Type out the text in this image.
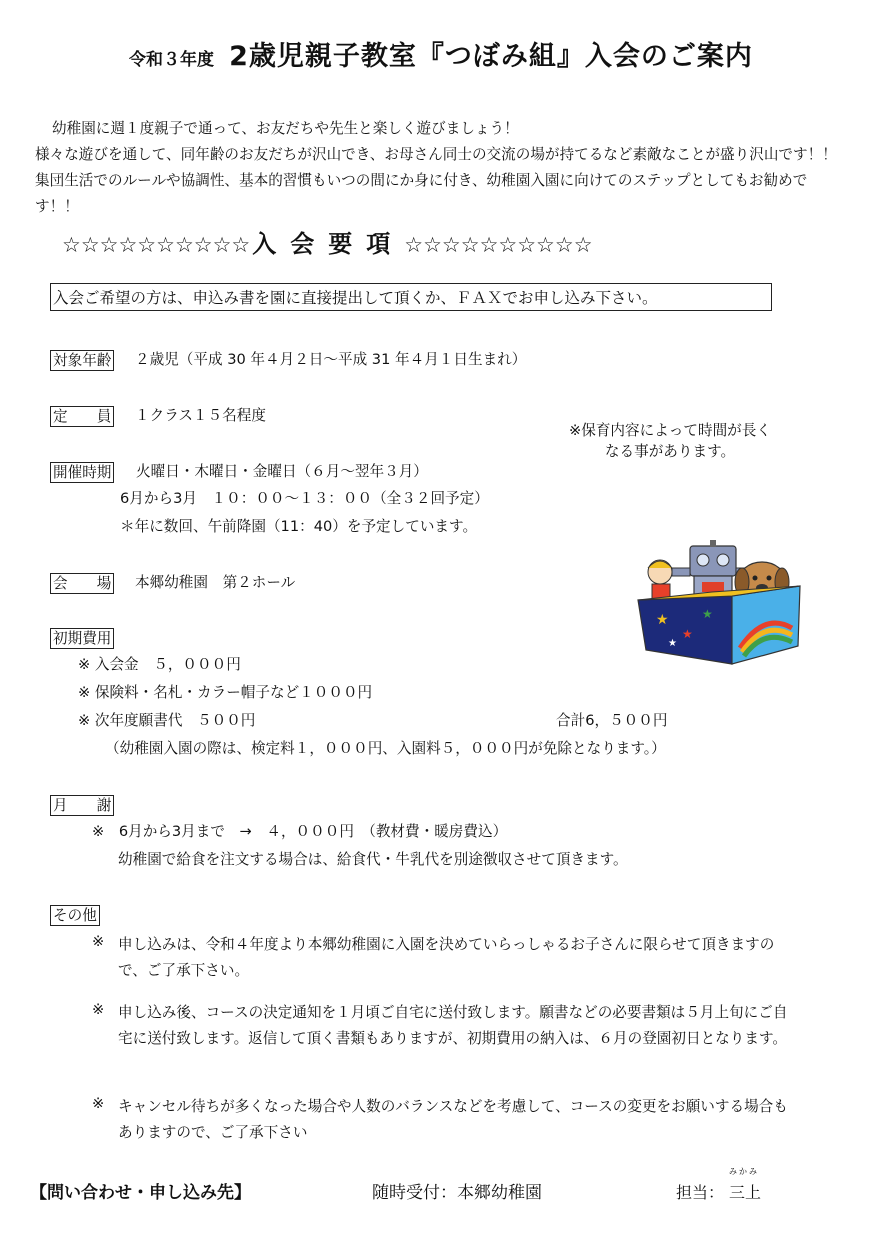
令和３年度 2歳児親子教室『つぼみ組』入会のご案内

幼稚園に週１度親子で通って、お友だちや先生と楽しく遊びましょう！

様々な遊びを通して、同年齢のお友だちが沢山でき、お母さん同士の交流の場が持てるなど素敵なことが盛り沢山です！！集団生活でのルールや協調性、基本的習慣もいつの間にか身に付き、幼稚園入園に向けてのステップとしてもお勧めです！！

☆☆☆☆☆☆☆☆☆☆入会要項☆☆☆☆☆☆☆☆☆☆
入会ご希望の方は、申込み書を園に直接提出して頂くか、ＦＡＸでお申し込み下さい。
対象年齢 ２歳児（平成 30 年４月２日～平成 31 年４月１日生まれ）
定　　員 １クラス１５名程度
※保育内容によって時間が長くなる事があります。
開催時期 火曜日・木曜日・金曜日（６月～翌年３月）
6月から3月　１０：００～１３：００（全３２回予定）
＊年に数回、午前降園（11：40）を予定しています。
会　　場 本郷幼稚園　第２ホール
★
★
★
★
初期費用
※ 入会金　５，０００円
※ 保険料・名札・カラー帽子など１０００円
※ 次年度願書代　５００円	合計6，５００円
（幼稚園入園の際は、検定料１，０００円、入園料５，０００円が免除となります。）
月　　謝
※　6月から3月まで　→　４，０００円　（教材費・暖房費込）
幼稚園で給食を注文する場合は、給食代・牛乳代を別途徴収させて頂きます。
その他
※ 申し込みは、令和４年度より本郷幼稚園に入園を決めていらっしゃるお子さんに限らせて頂きますので、ご了承下さい。
※ 申し込み後、コースの決定通知を１月頃ご自宅に送付致します。願書などの必要書類は５月上旬にご自宅に送付致します。返信して頂く書類もありますが、初期費用の納入は、６月の登園初日となります。
※ キャンセル待ちが多くなった場合や人数のバランスなどを考慮して、コースの変更をお願いする場合もありますので、ご了承下さい
【問い合わせ・申し込み先】	随時受付：本郷幼稚園	担当：
みかみ
三上
